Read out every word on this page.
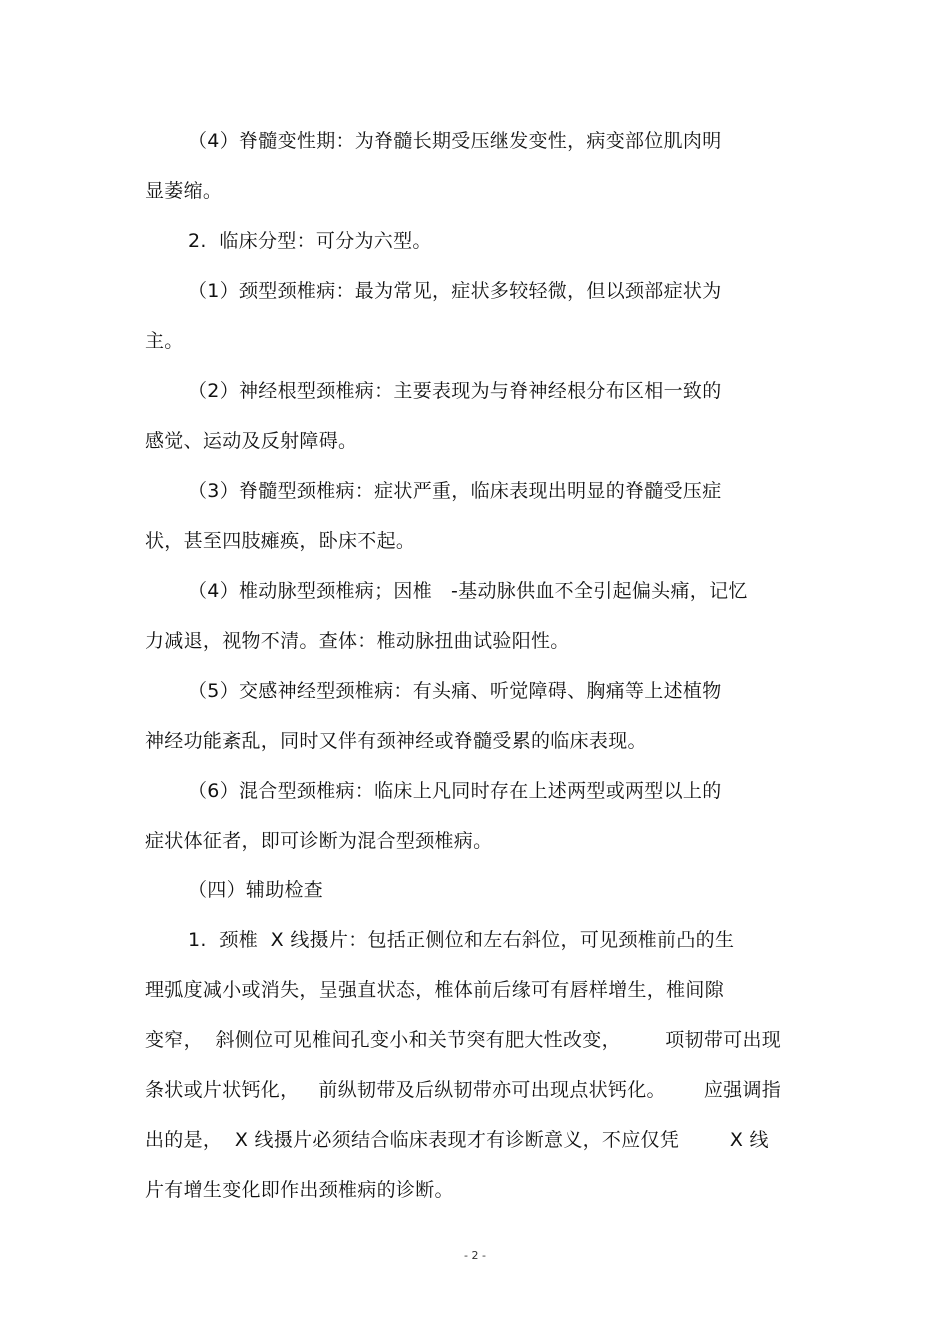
（4）脊髓变性期：为脊髓长期受压继发变性，病变部位肌肉明
显萎缩。
2.  临床分型：可分为六型。
（1）颈型颈椎病：最为常见，症状多较轻微，但以颈部症状为
主。
（2）神经根型颈椎病：主要表现为与脊神经根分布区相一致的
感觉、运动及反射障碍。
（3）脊髓型颈椎病：症状严重，临床表现出明显的脊髓受压症
状，甚至四肢瘫痪，卧床不起。
（4）椎动脉型颈椎病；因椎   -基动脉供血不全引起偏头痛，记忆
力减退，视物不清。查体：椎动脉扭曲试验阳性。
（5）交感神经型颈椎病：有头痛、听觉障碍、胸痛等上述植物
神经功能紊乱，同时又伴有颈神经或脊髓受累的临床表现。
（6）混合型颈椎病：临床上凡同时存在上述两型或两型以上的
症状体征者，即可诊断为混合型颈椎病。
（四）辅助检查
1.  颈椎  X 线摄片：包括正侧位和左右斜位，可见颈椎前凸的生
理弧度减小或消失，呈强直状态，椎体前后缘可有唇样增生，椎间隙
变窄，  斜侧位可见椎间孔变小和关节突有肥大性改变，       项韧带可出现
条状或片状钙化，   前纵韧带及后纵韧带亦可出现点状钙化。      应强调指
出的是，  X 线摄片必须结合临床表现才有诊断意义，不应仅凭        X 线
片有增生变化即作出颈椎病的诊断。
- 2 -
